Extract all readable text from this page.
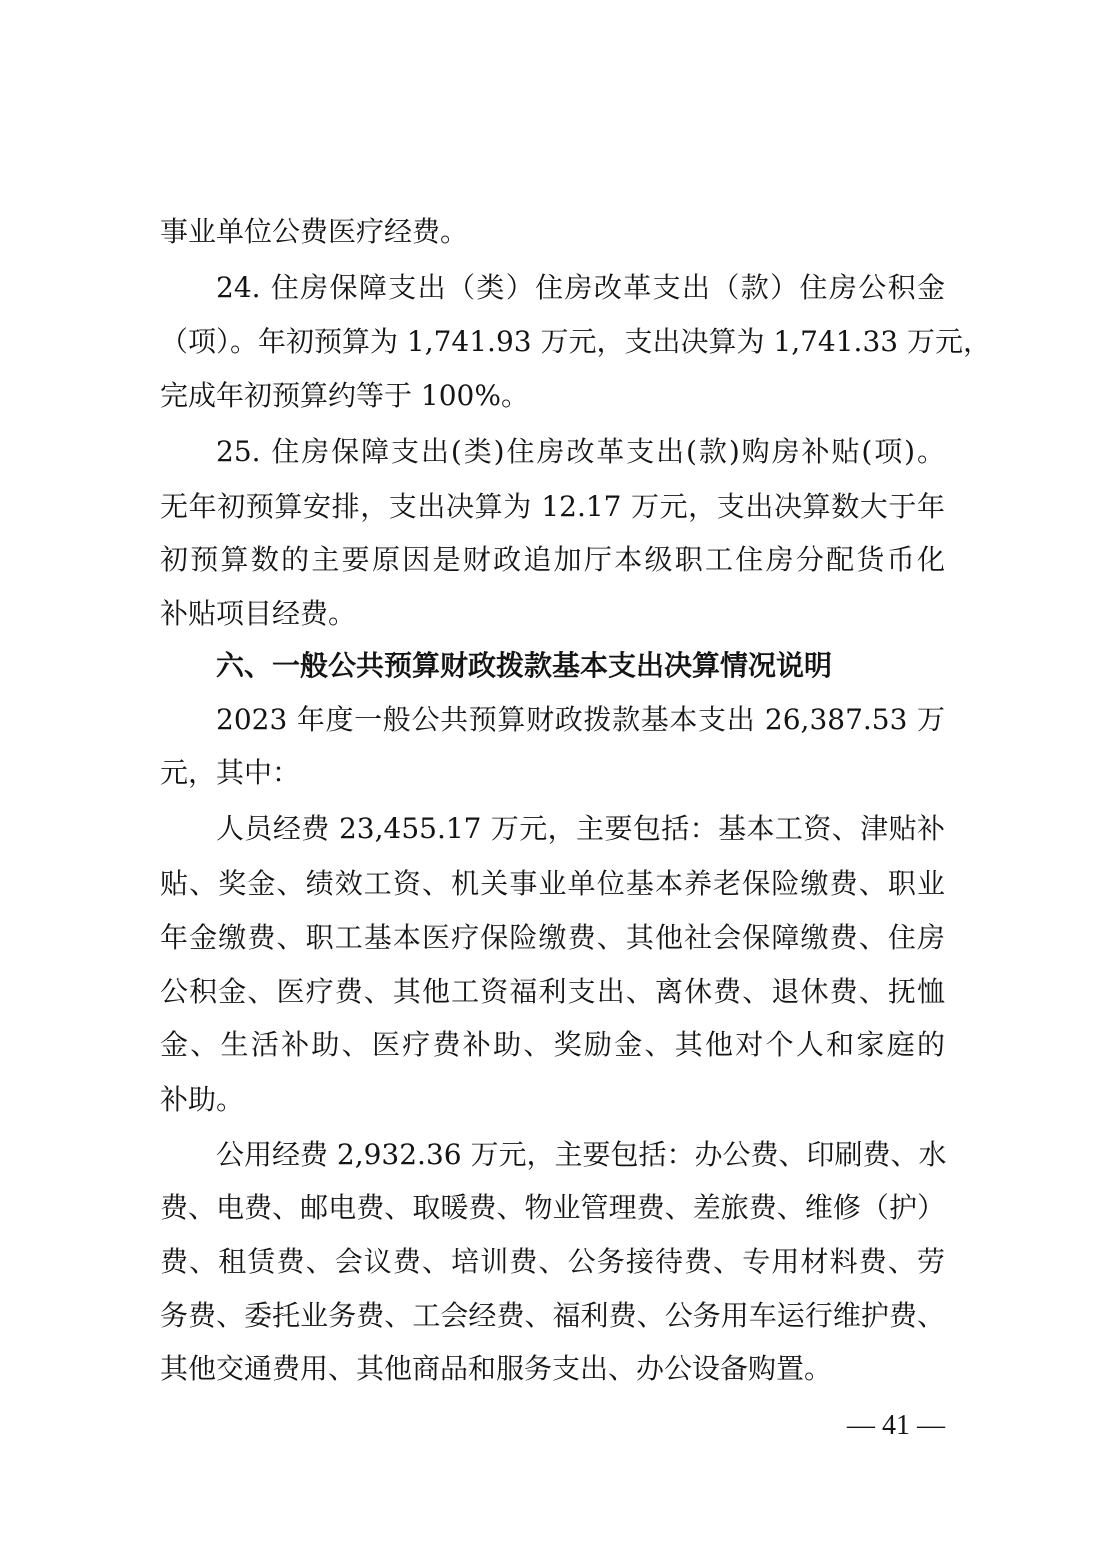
事业单位公费医疗经费。
24. 住房保障支出（类）住房改革支出（款）住房公积金
（项）。年初预算为 1,741.93 万元，支出决算为 1,741.33 万元，
完成年初预算约等于 100%。
25. 住房保障支出(类)住房改革支出(款)购房补贴(项)。
无年初预算安排，支出决算为 12.17 万元，支出决算数大于年
初预算数的主要原因是财政追加厅本级职工住房分配货币化
补贴项目经费。
六、一般公共预算财政拨款基本支出决算情况说明
2023 年度一般公共预算财政拨款基本支出 26,387.53 万
元，其中：
人员经费 23,455.17 万元，主要包括：基本工资、津贴补
贴、奖金、绩效工资、机关事业单位基本养老保险缴费、职业
年金缴费、职工基本医疗保险缴费、其他社会保障缴费、住房
公积金、医疗费、其他工资福利支出、离休费、退休费、抚恤
金、生活补助、医疗费补助、奖励金、其他对个人和家庭的
补助。
公用经费 2,932.36 万元，主要包括：办公费、印刷费、水
费、电费、邮电费、取暖费、物业管理费、差旅费、维修（护）
费、租赁费、会议费、培训费、公务接待费、专用材料费、劳
务费、委托业务费、工会经费、福利费、公务用车运行维护费、
其他交通费用、其他商品和服务支出、办公设备购置。
— 41 —
